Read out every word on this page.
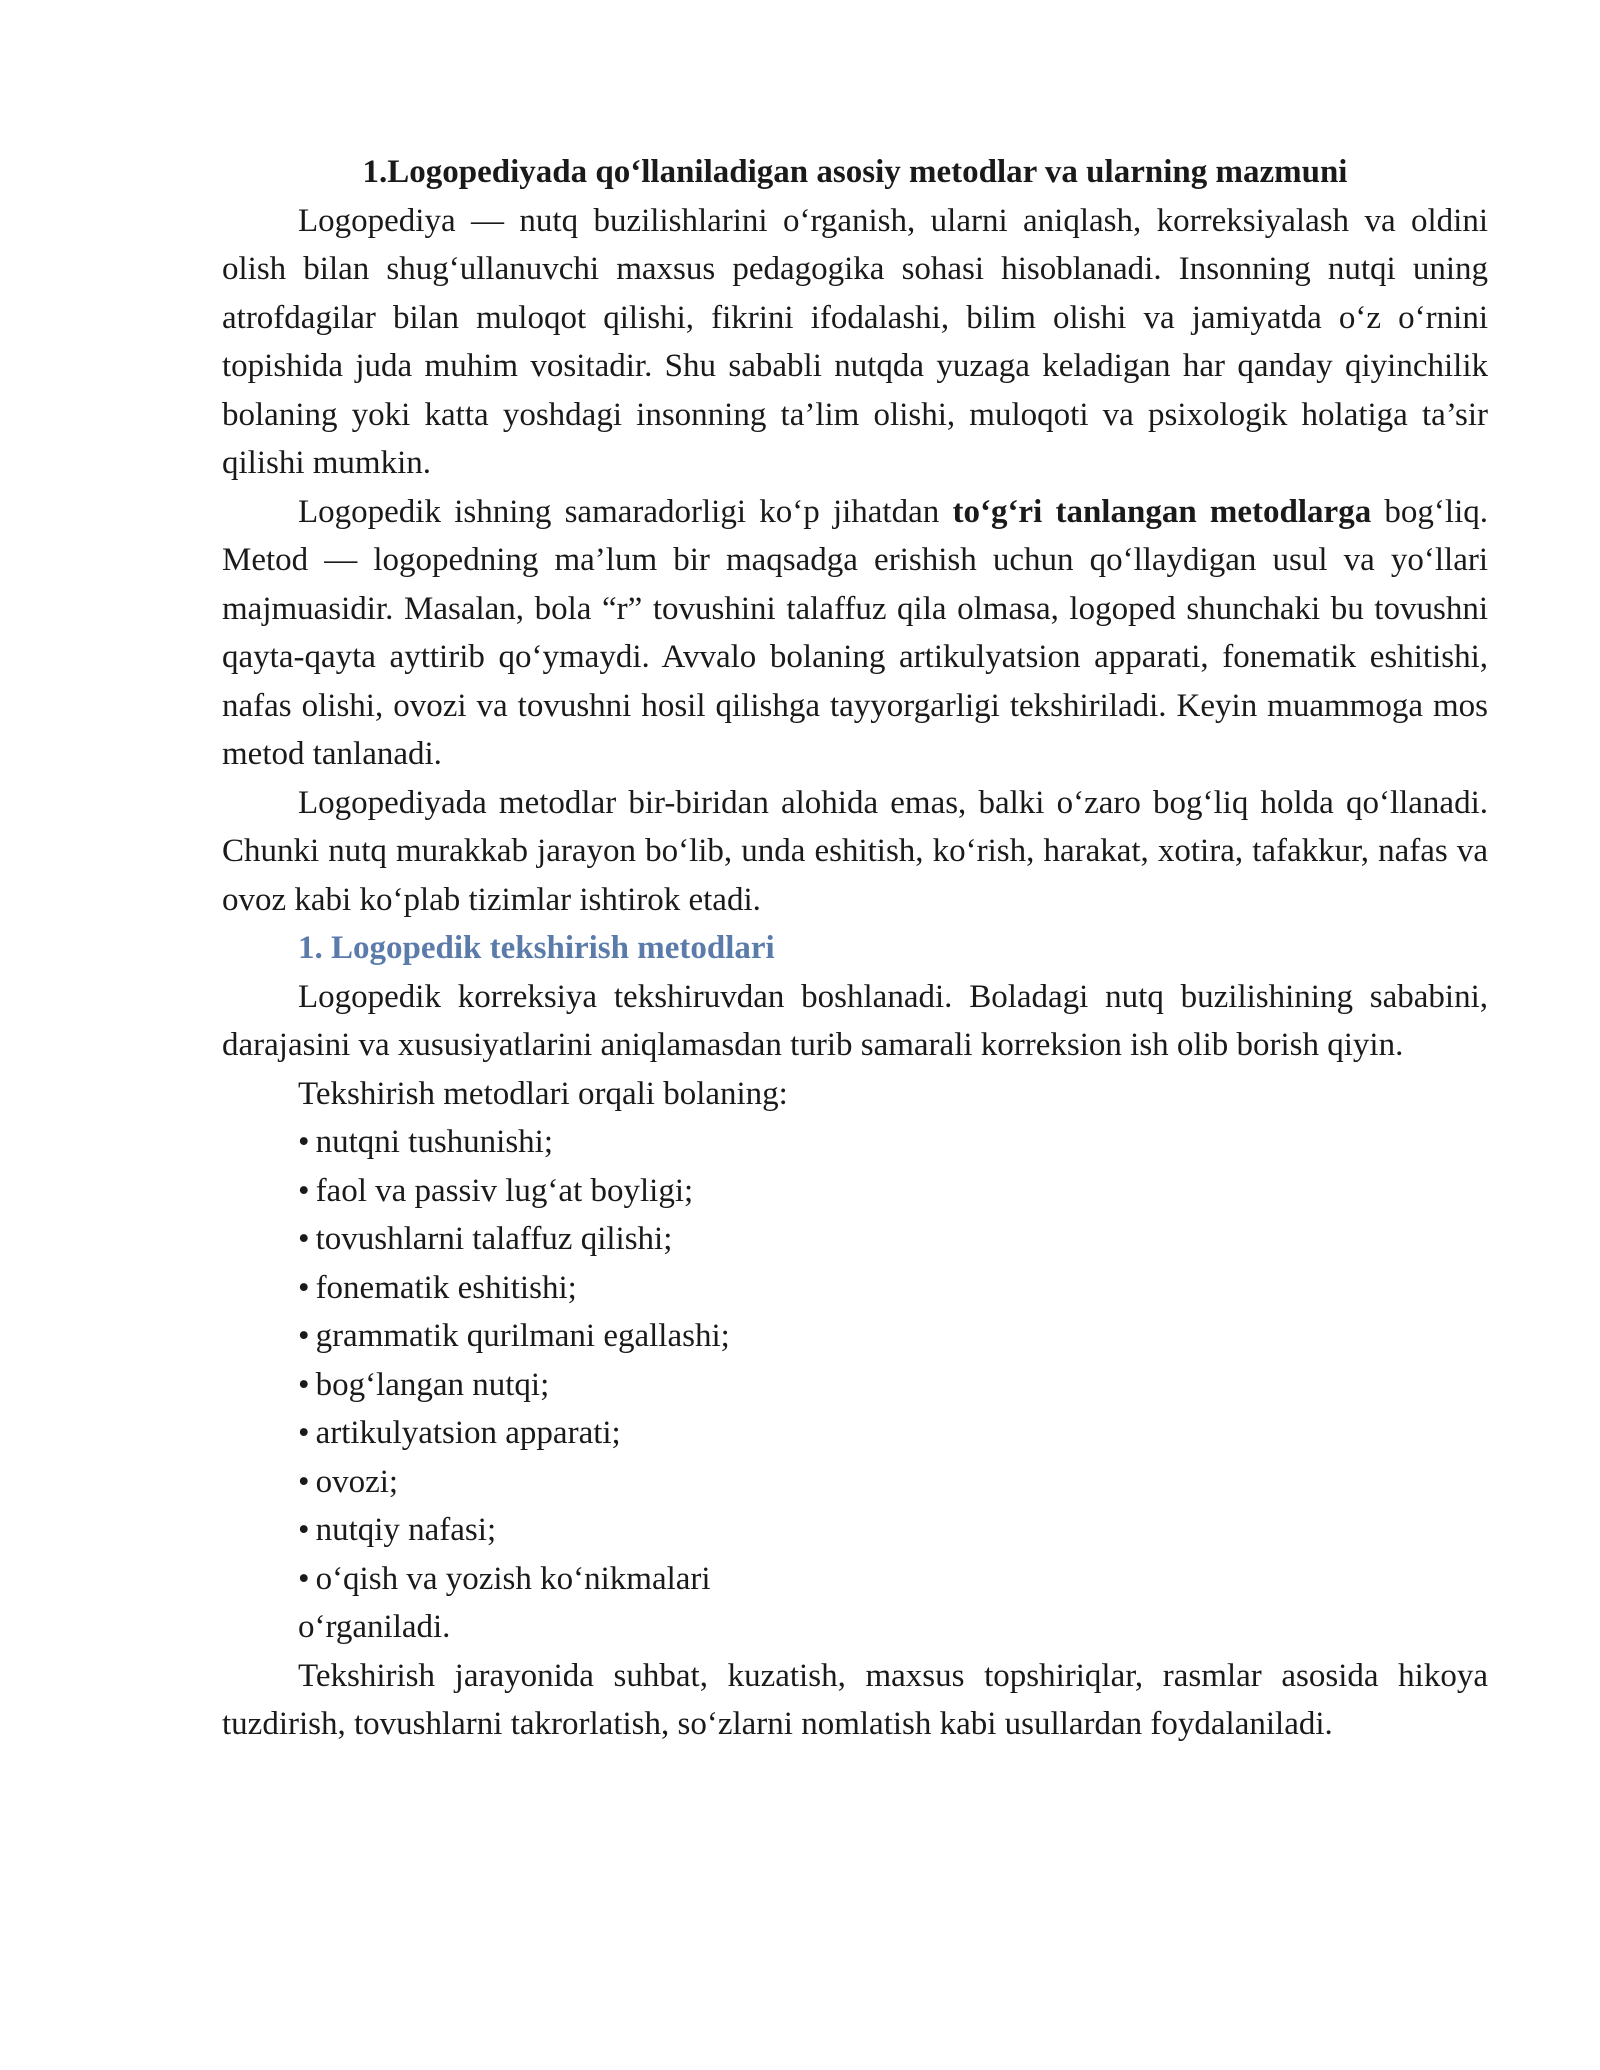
1.Logopediyada qo‘llaniladigan asosiy metodlar va ularning mazmuni

Logopediya — nutq buzilishlarini o‘rganish, ularni aniqlash, korreksiyalash va oldini olish bilan shug‘ullanuvchi maxsus pedagogika sohasi hisoblanadi. Insonning nutqi uning atrofdagilar bilan muloqot qilishi, fikrini ifodalashi, bilim olishi va jamiyatda o‘z o‘rnini topishida juda muhim vositadir. Shu sababli nutqda yuzaga keladigan har qanday qiyinchilik bolaning yoki katta yoshdagi insonning ta’lim olishi, muloqoti va psixologik holatiga ta’sir qilishi mumkin.

Logopedik ishning samaradorligi ko‘p jihatdan to‘g‘ri tanlangan metodlarga bog‘liq. Metod — logopedning ma’lum bir maqsadga erishish uchun qo‘llaydigan usul va yo‘llari majmuasidir. Masalan, bola “r” tovushini talaffuz qila olmasa, logoped shunchaki bu tovushni qayta-qayta ayttirib qo‘ymaydi. Avvalo bolaning artikulyatsion apparati, fonematik eshitishi, nafas olishi, ovozi va tovushni hosil qilishga tayyorgarligi tekshiriladi. Keyin muammoga mos metod tanlanadi.

Logopediyada metodlar bir-biridan alohida emas, balki o‘zaro bog‘liq holda qo‘llanadi. Chunki nutq murakkab jarayon bo‘lib, unda eshitish, ko‘rish, harakat, xotira, tafakkur, nafas va ovoz kabi ko‘plab tizimlar ishtirok etadi.

1. Logopedik tekshirish metodlari

Logopedik korreksiya tekshiruvdan boshlanadi. Boladagi nutq buzilishining sababini, darajasini va xususiyatlarini aniqlamasdan turib samarali korreksion ish olib borish qiyin.

Tekshirish metodlari orqali bolaning:
• nutqni tushunishi;
• faol va passiv lug‘at boyligi;
• tovushlarni talaffuz qilishi;
• fonematik eshitishi;
• grammatik qurilmani egallashi;
• bog‘langan nutqi;
• artikulyatsion apparati;
• ovozi;
• nutqiy nafasi;
• o‘qish va yozish ko‘nikmalari
o‘rganiladi.

Tekshirish jarayonida suhbat, kuzatish, maxsus topshiriqlar, rasmlar asosida hikoya tuzdirish, tovushlarni takrorlatish, so‘zlarni nomlatish kabi usullardan foydalaniladi.
